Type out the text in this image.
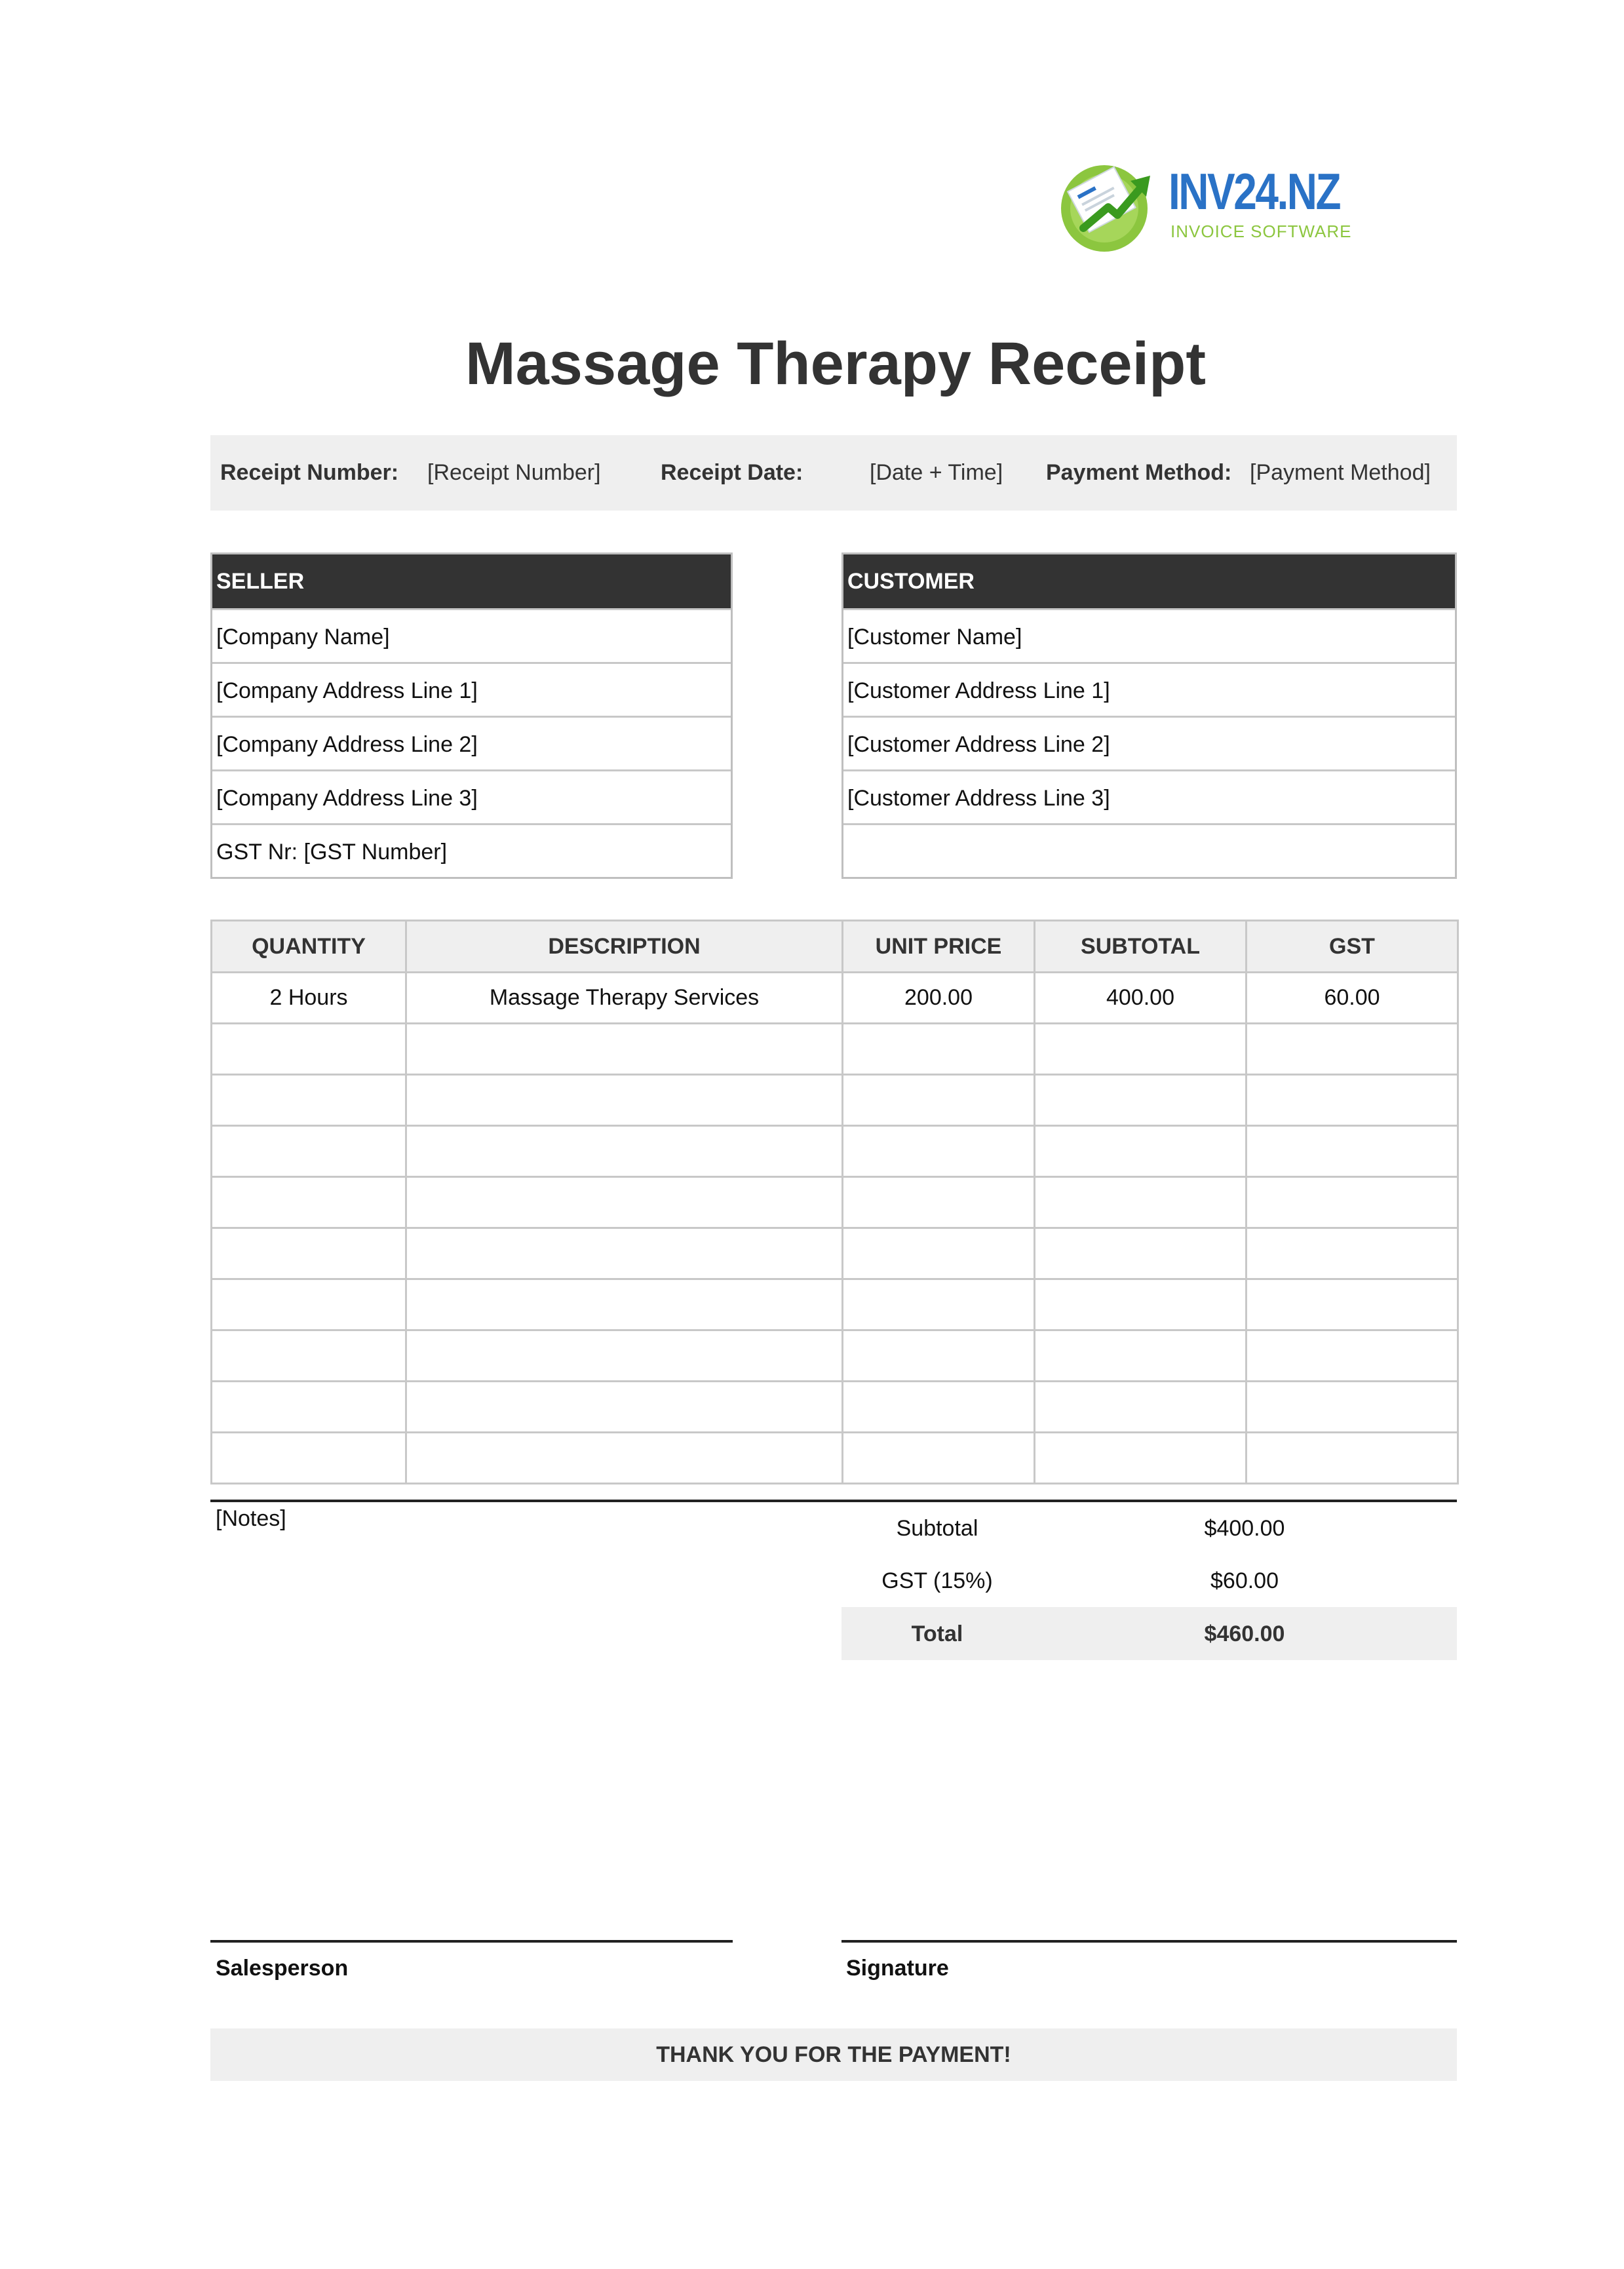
INV24.NZ
INVOICE SOFTWARE
Massage Therapy Receipt
Receipt Number: [Receipt Number]	Receipt Date:	[Date + Time] Payment Method: [Payment Method]
SELLER
[Company Name]
[Company Address Line 1]
[Company Address Line 2]
[Company Address Line 3]
GST Nr: [GST Number]
CUSTOMER
[Customer Name]
[Customer Address Line 1]
[Customer Address Line 2]
[Customer Address Line 3]
QUANTITY	DESCRIPTION	UNIT PRICE	SUBTOTAL	GST
2 Hours	Massage Therapy Services	200.00	400.00	60.00

[Notes]	Subtotal	$400.00
GST (15%)	$60.00
Total	$460.00
Salesperson	Signature
THANK YOU FOR THE PAYMENT!
